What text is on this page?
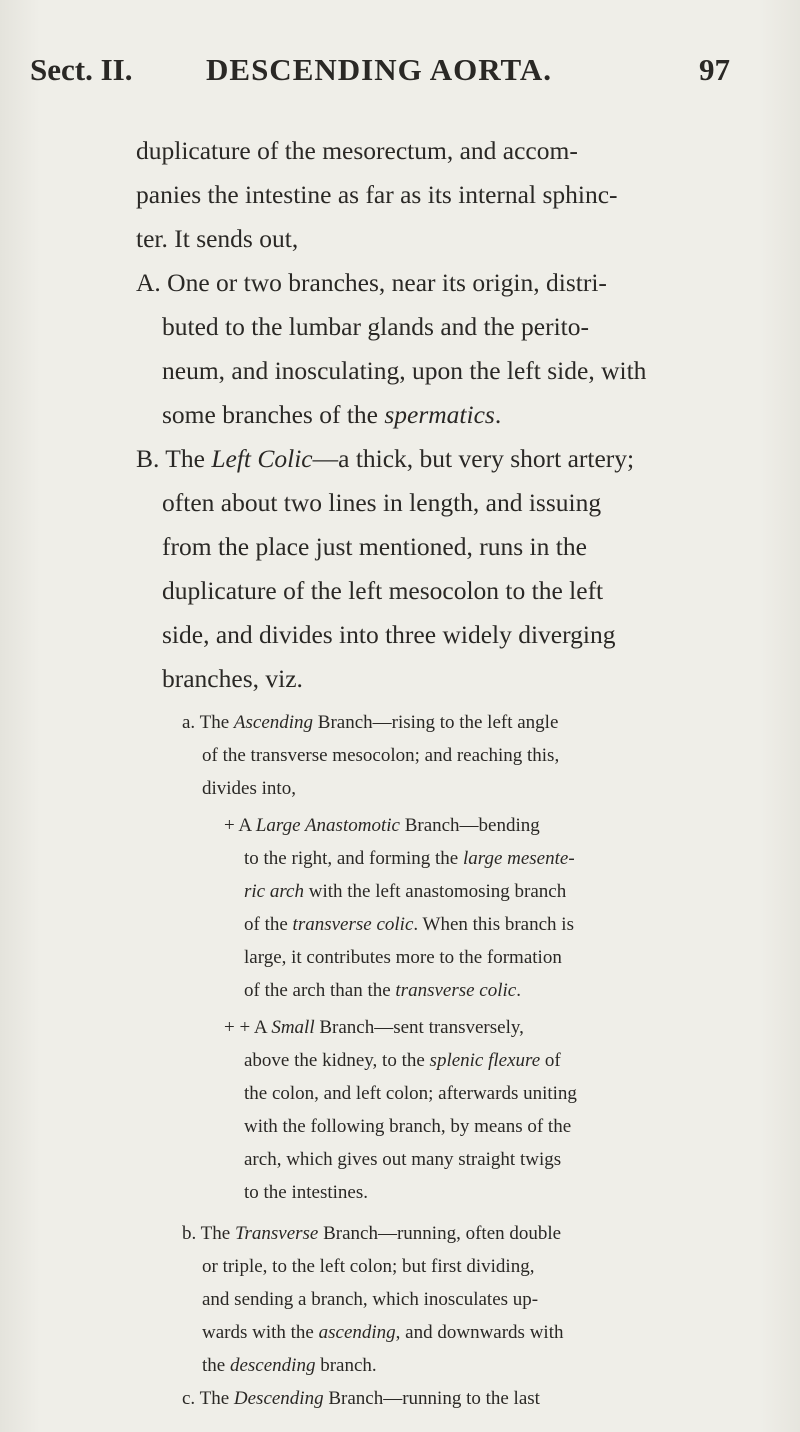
Sect. II. DESCENDING AORTA.	97
duplicature of the mesorectum, and accom-
panies the intestine as far as its internal sphinc-
ter. It sends out,
A. One or two branches, near its origin, distri-
buted to the lumbar glands and the perito-
neum, and inosculating, upon the left side, with
some branches of the spermatics.
B. The Left Colic—a thick, but very short artery;
often about two lines in length, and issuing
from the place just mentioned, runs in the
duplicature of the left mesocolon to the left
side, and divides into three widely diverging
branches, viz.
a. The Ascending Branch—rising to the left angle
of the transverse mesocolon; and reaching this,
divides into,
+ A Large Anastomotic Branch—bending
to the right, and forming the large mesente-
ric arch with the left anastomosing branch
of the transverse colic. When this branch is
large, it contributes more to the formation
of the arch than the transverse colic.
+ + A Small Branch—sent transversely,
above the kidney, to the splenic flexure of
the colon, and left colon; afterwards uniting
with the following branch, by means of the
arch, which gives out many straight twigs
to the intestines.
b. The Transverse Branch—running, often double
or triple, to the left colon; but first dividing,
and sending a branch, which inosculates up-
wards with the ascending, and downwards with
the descending branch.
c. The Descending Branch—running to the last
